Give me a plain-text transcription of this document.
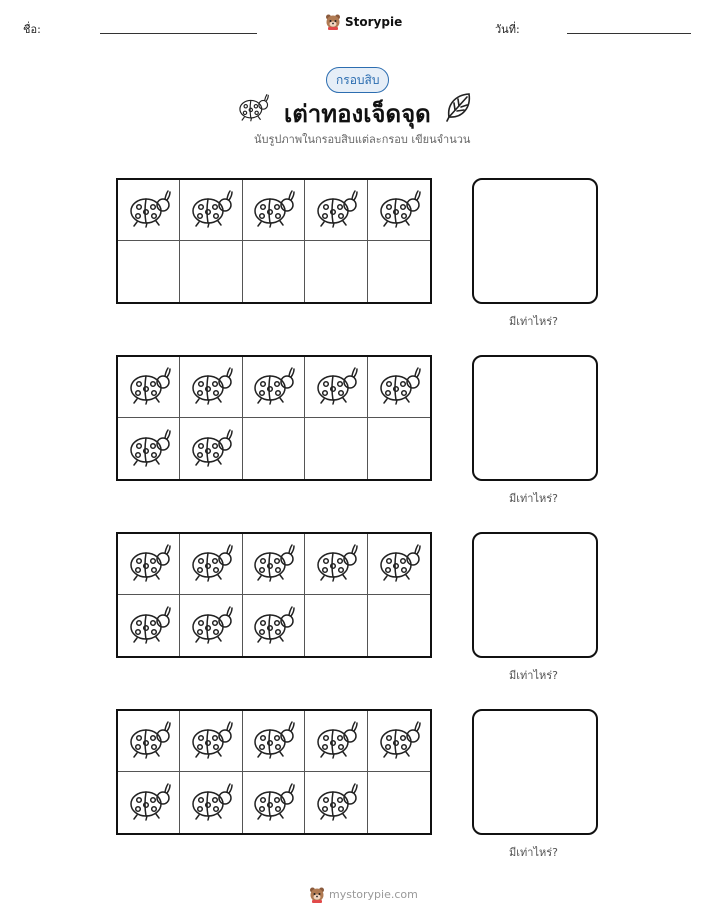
ชื่อ:
Storypie
วันที่:
กรอบสิบ
เต่าทองเจ็ดจุด
นับรูปภาพในกรอบสิบแต่ละกรอบ เขียนจำนวน
มีเท่าไหร่?
มีเท่าไหร่?
มีเท่าไหร่?
มีเท่าไหร่?
mystorypie.com
